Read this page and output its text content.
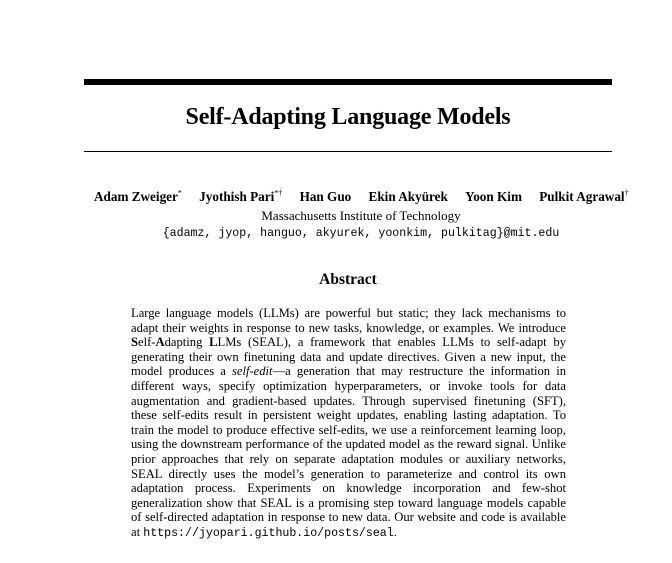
Self-Adapting Language Models
Adam Zweiger* Jyothish Pari*† Han Guo Ekin Akyürek Yoon Kim Pulkit Agrawal†
Massachusetts Institute of Technology
{adamz, jyop, hanguo, akyurek, yoonkim, pulkitag}@mit.edu
Abstract
Large language models (LLMs) are powerful but static; they lack mechanisms to adapt their weights in response to new tasks, knowledge, or examples. We introduce Self-Adapting LLMs (SEAL), a framework that enables LLMs to self-adapt by generating their own finetuning data and update directives. Given a new input, the model produces a self-edit—a generation that may restructure the information in different ways, specify optimization hyperparameters, or invoke tools for data augmentation and gradient-based updates. Through supervised finetuning (SFT), these self-edits result in persistent weight updates, enabling lasting adaptation. To train the model to produce effective self-edits, we use a reinforcement learning loop, using the downstream performance of the updated model as the reward signal. Unlike prior approaches that rely on separate adaptation modules or auxiliary networks, SEAL directly uses the model’s generation to parameterize and control its own adaptation process. Experiments on knowledge incorporation and few-shot generalization show that SEAL is a promising step toward language models capable of self-directed adaptation in response to new data. Our website and code is available at https://jyopari.github.io/posts/seal.
